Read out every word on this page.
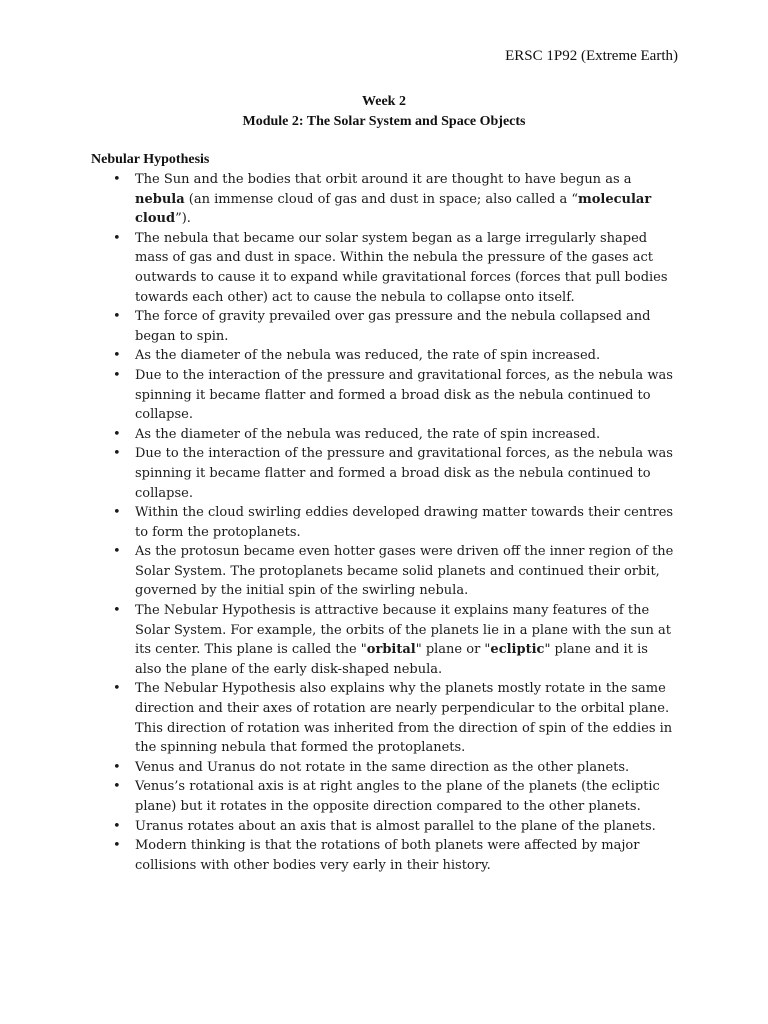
ERSC 1P92 (Extreme Earth)
Week 2
Module 2: The Solar System and Space Objects
Nebular Hypothesis
• The Sun and the bodies that orbit around it are thought to have begun as a nebula (an immense cloud of gas and dust in space; also called a “molecular cloud”).
• The nebula that became our solar system began as a large irregularly shaped mass of gas and dust in space. Within the nebula the pressure of the gases act outwards to cause it to expand while gravitational forces (forces that pull bodies towards each other) act to cause the nebula to collapse onto itself.
• The force of gravity prevailed over gas pressure and the nebula collapsed and began to spin.
• As the diameter of the nebula was reduced, the rate of spin increased.
• Due to the interaction of the pressure and gravitational forces, as the nebula was spinning it became flatter and formed a broad disk as the nebula continued to collapse.
• As the diameter of the nebula was reduced, the rate of spin increased.
• Due to the interaction of the pressure and gravitational forces, as the nebula was spinning it became flatter and formed a broad disk as the nebula continued to collapse.
• Within the cloud swirling eddies developed drawing matter towards their centres to form the protoplanets.
• As the protosun became even hotter gases were driven off the inner region of the Solar System. The protoplanets became solid planets and continued their orbit, governed by the initial spin of the swirling nebula.
• The Nebular Hypothesis is attractive because it explains many features of the Solar System. For example, the orbits of the planets lie in a plane with the sun at its center. This plane is called the "orbital" plane or "ecliptic" plane and it is also the plane of the early disk-shaped nebula.
• The Nebular Hypothesis also explains why the planets mostly rotate in the same direction and their axes of rotation are nearly perpendicular to the orbital plane. This direction of rotation was inherited from the direction of spin of the eddies in the spinning nebula that formed the protoplanets.
• Venus and Uranus do not rotate in the same direction as the other planets.
• Venus’s rotational axis is at right angles to the plane of the planets (the ecliptic plane) but it rotates in the opposite direction compared to the other planets.
• Uranus rotates about an axis that is almost parallel to the plane of the planets.
• Modern thinking is that the rotations of both planets were affected by major collisions with other bodies very early in their history.
